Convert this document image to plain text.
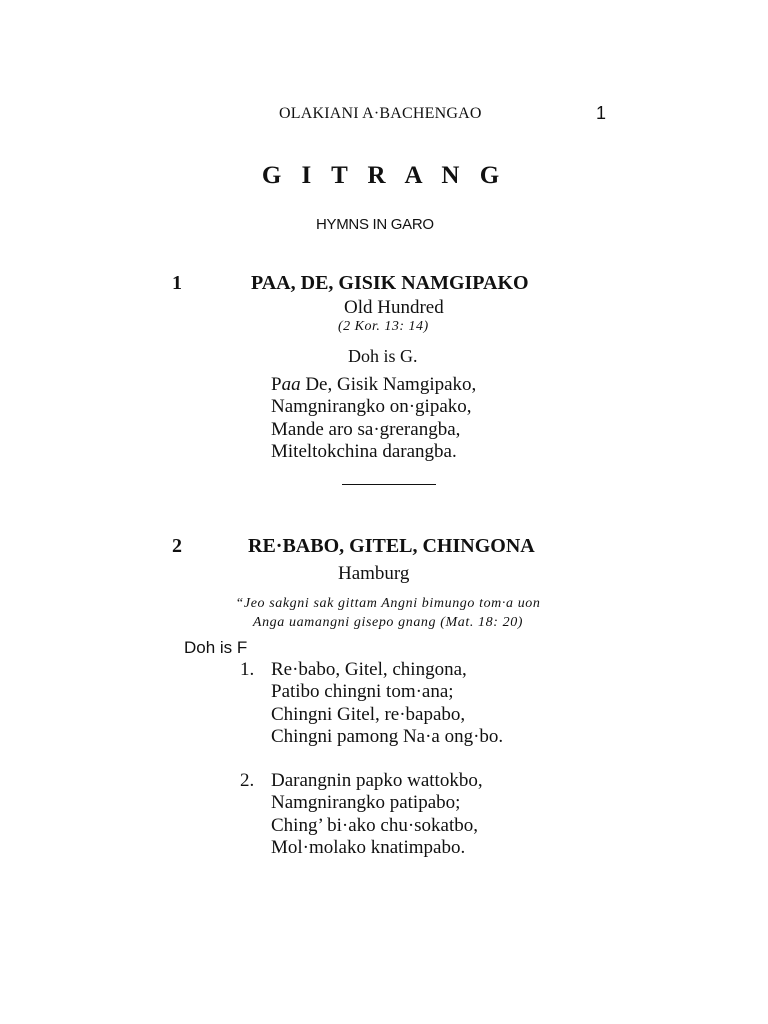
OLAKIANI A·BACHENGAO	1
G I T R A N G
HYMNS IN GARO
1	PAA, DE, GISIK NAMGIPAKO
Old Hundred
(2 Kor. 13: 14)
Doh is G.
Paa De, Gisik Namgipako,
Namgnirangko on·gipako,
Mande aro sa·grerangba,
Miteltokchina darangba.
2	RE·BABO, GITEL, CHINGONA
Hamburg
“Jeo sakgni sak gittam Angni bimungo tom·a uon
Anga uamangni gisepo gnang (Mat. 18: 20)
Doh is F
1. Re·babo, Gitel, chingona,
Patibo chingni tom·ana;
Chingni Gitel, re·bapabo,
Chingni pamong Na·a ong·bo.
2. Darangnin papko wattokbo,
Namgnirangko patipabo;
Ching’ bi·ako chu·sokatbo,
Mol·molako knatimpabo.
